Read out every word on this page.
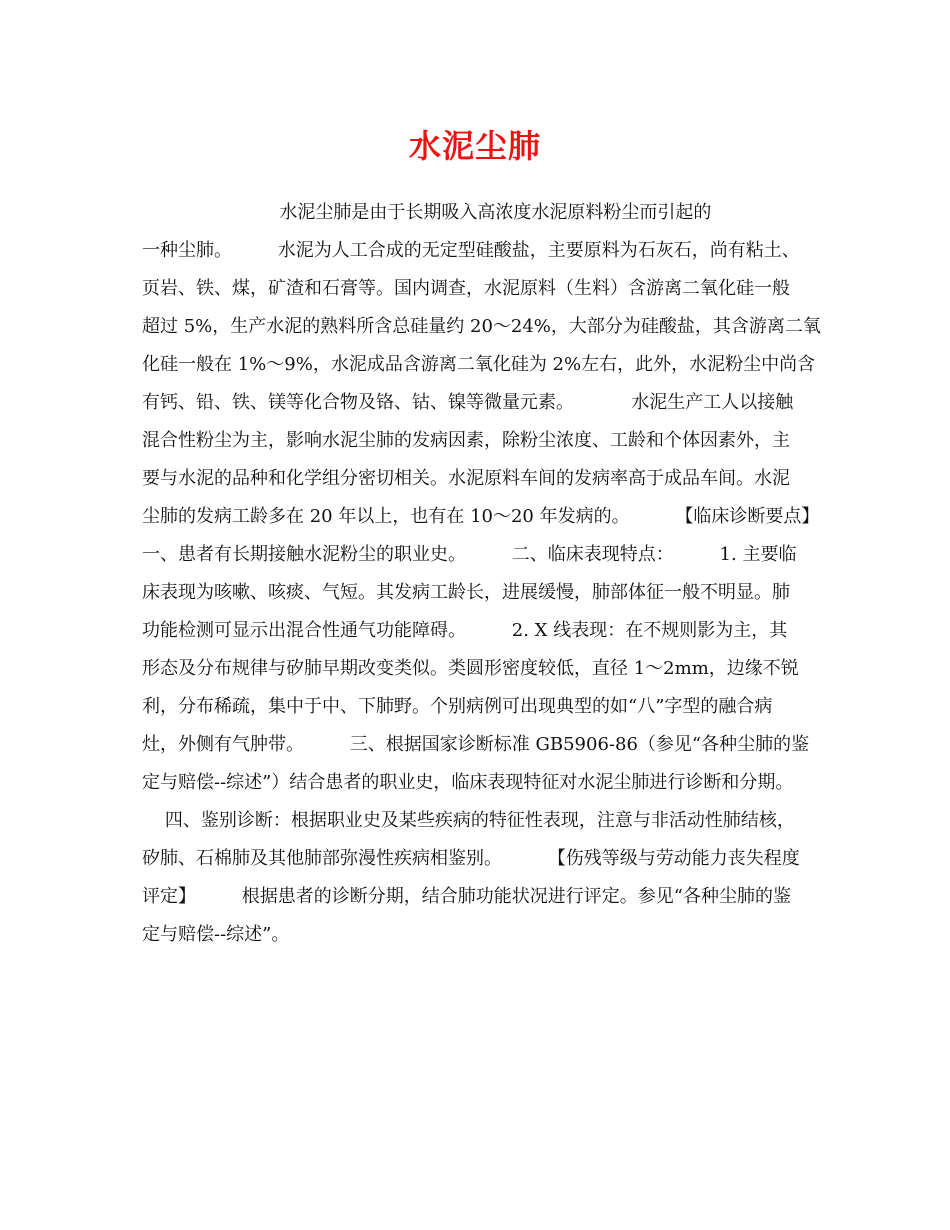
水泥尘肺
水泥尘肺是由于长期吸入高浓度水泥原料粉尘而引起的
一种尘肺。        水泥为人工合成的无定型硅酸盐，主要原料为石灰石，尚有粘土、
页岩、铁、煤，矿渣和石膏等。国内调查，水泥原料（生料）含游离二氧化硅一般
超过 5%，生产水泥的熟料所含总硅量约 20～24%，大部分为硅酸盐，其含游离二氧
化硅一般在 1%～9%，水泥成品含游离二氧化硅为 2%左右，此外，水泥粉尘中尚含
有钙、铅、铁、镁等化合物及铬、钴、镍等微量元素。          水泥生产工人以接触
混合性粉尘为主，影响水泥尘肺的发病因素，除粉尘浓度、工龄和个体因素外，主
要与水泥的品种和化学组分密切相关。水泥原料车间的发病率高于成品车间。水泥
尘肺的发病工龄多在 20 年以上，也有在 10～20 年发病的。        【临床诊断要点】
一、患者有长期接触水泥粉尘的职业史。        二、临床表现特点：        1. 主要临
床表现为咳嗽、咳痰、气短。其发病工龄长，进展缓慢，肺部体征一般不明显。肺
功能检测可显示出混合性通气功能障碍。        2. X 线表现：在不规则影为主，其
形态及分布规律与矽肺早期改变类似。类圆形密度较低，直径 1～2mm，边缘不锐
利，分布稀疏，集中于中、下肺野。个别病例可出现典型的如“八”字型的融合病
灶，外侧有气肿带。        三、根据国家诊断标准 GB5906-86（参见“各种尘肺的鉴
定与赔偿--综述”）结合患者的职业史，临床表现特征对水泥尘肺进行诊断和分期。
四、鉴别诊断：根据职业史及某些疾病的特征性表现，注意与非活动性肺结核，
矽肺、石棉肺及其他肺部弥漫性疾病相鉴别。        【伤残等级与劳动能力丧失程度
评定】        根据患者的诊断分期，结合肺功能状况进行评定。参见“各种尘肺的鉴
定与赔偿--综述”。
